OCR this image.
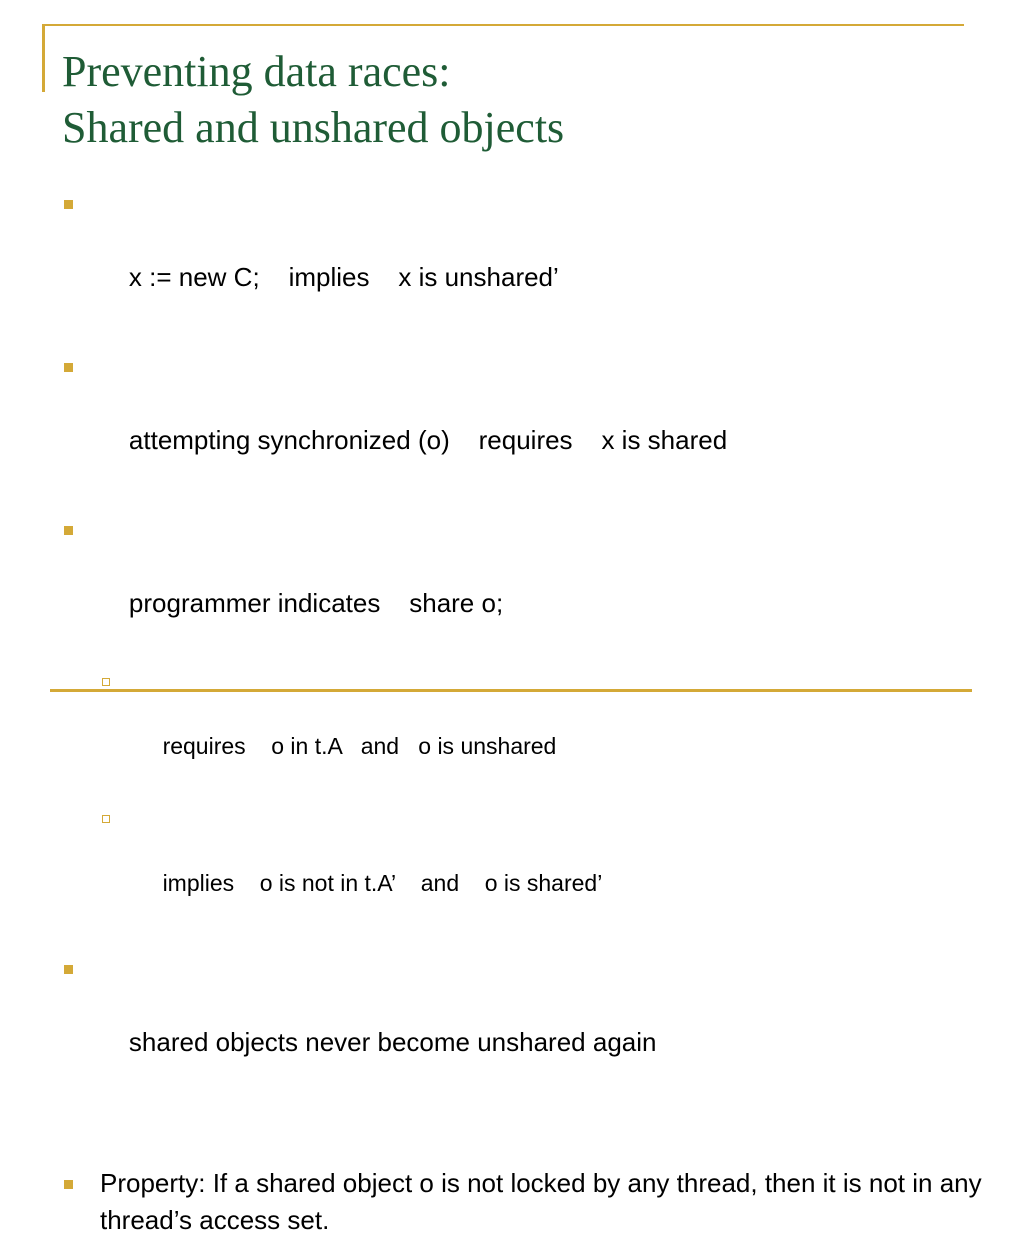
Preventing data races:
Shared and unshared objects

x := new C;    implies    x is unshared’

attempting synchronized (o)    requires    x is shared

programmer indicates    share o;

requires    o in t.A   and   o is unshared

implies    o is not in t.A’    and    o is shared’

shared objects never become unshared again

Property: If a shared object o is not locked by any thread, then it is not in any thread’s access set.
